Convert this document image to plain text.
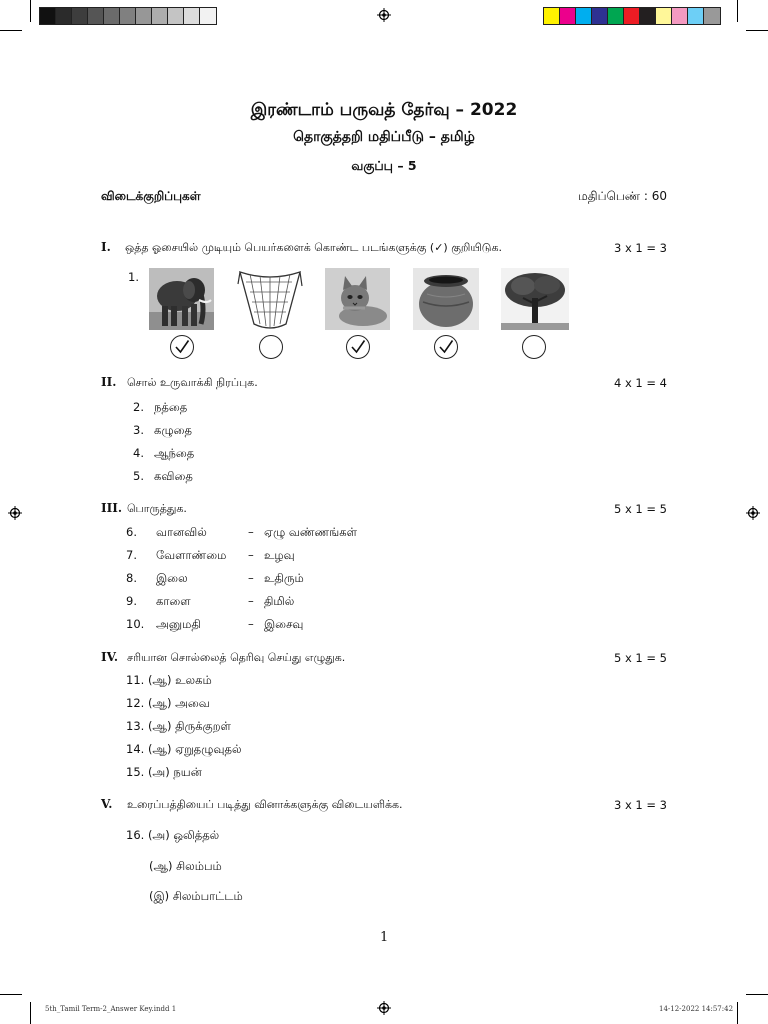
இரண்டாம் பருவத் தேர்வு – 2022
தொகுத்தறி மதிப்பீடு – தமிழ்
வகுப்பு – 5
விடைக்குறிப்புகள்	மதிப்பெண் : 60
I. ஒத்த ஓசையில் முடியும் பெயர்களைக் கொண்ட படங்களுக்கு (✓) குறியிடுக.	3 x 1 = 3
1.
II. சொல் உருவாக்கி நிரப்புக.	4 x 1 = 4
2. நத்தை
3. கழுதை
4. ஆந்தை
5. கவிதை
III. பொருத்துக.	5 x 1 = 5
6. வானவில்	– ஏழு வண்ணங்கள்
7. வேளாண்மை – உழவு
8. இலை	– உதிரும்
9. காளை	– திமில்
10. அனுமதி	– இசைவு
IV. சரியான சொல்லைத் தெரிவு செய்து எழுதுக.	5 x 1 = 5
11. (ஆ) உலகம்
12. (ஆ) அவை
13. (ஆ) திருக்குறள்
14. (ஆ) ஏறுதழுவுதல்
15. (அ) நயன்
V. உரைப்பத்தியைப் படித்து வினாக்களுக்கு விடையளிக்க.	3 x 1 = 3
16. (அ) ஒலித்தல்
(ஆ) சிலம்பம்
(இ) சிலம்பாட்டம்
1
5th_Tamil Term-2_Answer Key.indd 1	14-12-2022 14:57:42
